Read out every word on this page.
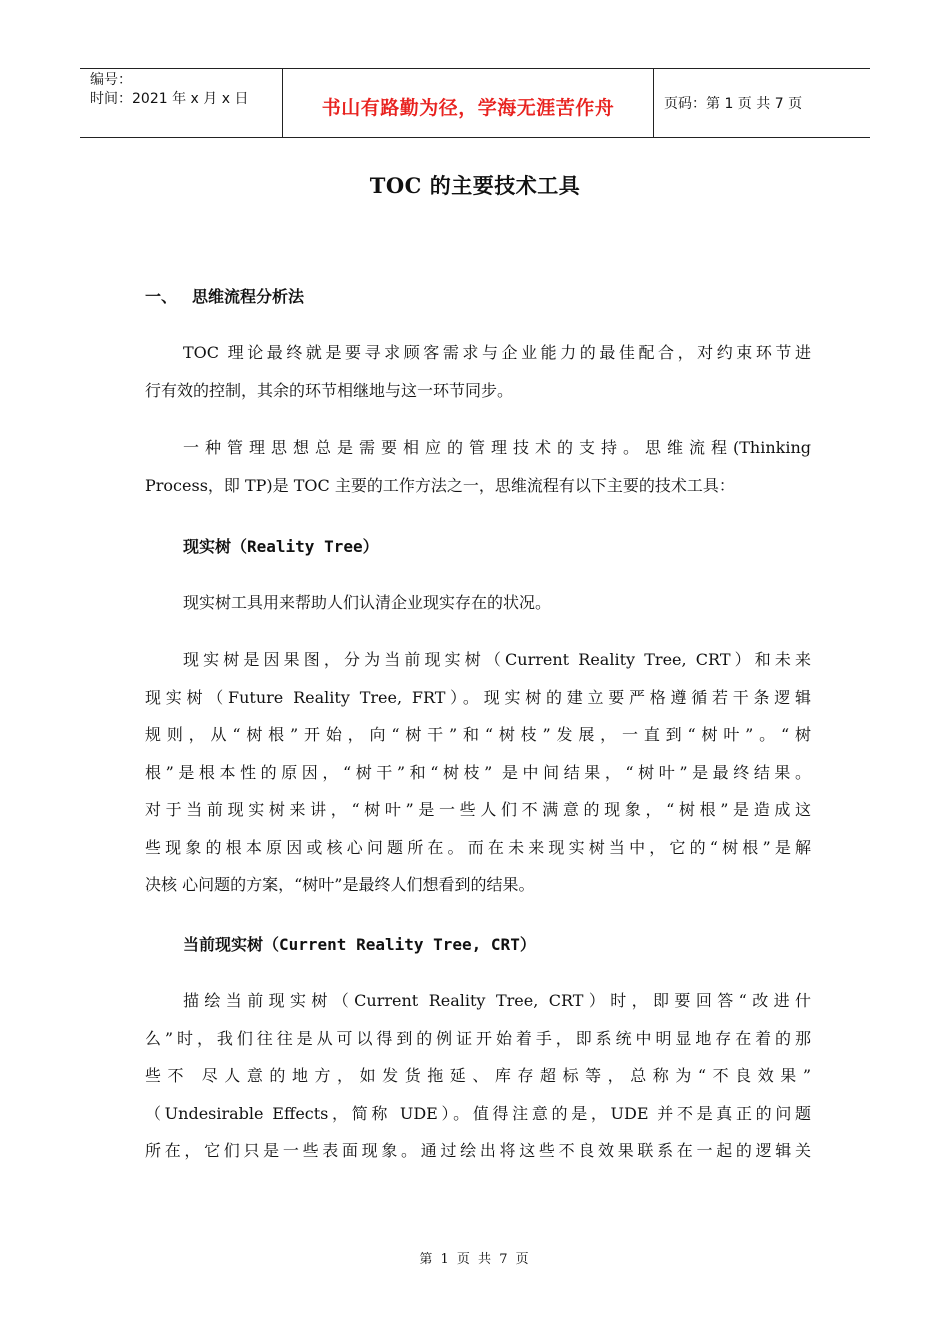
编号：
时间：2021 年 x 月 x 日	书山有路勤为径，学海无涯苦作舟	页码：第 1 页 共 7 页
TOC 的主要技术工具
一、 思维流程分析法
TOC 理论最终就是要寻求顾客需求与企业能力的最佳配合，对约束环节进
行有效的控制，其余的环节相继地与这一环节同步。
一种管理思想总是需要相应的管理技术的支持。思维流程(Thinking
Process，即 TP)是 TOC 主要的工作方法之一，思维流程有以下主要的技术工具：
现实树（Reality Tree）
现实树工具用来帮助人们认清企业现实存在的状况。
现实树是因果图，分为当前现实树（Current Reality Tree, CRT）和未来
现实树（Future Reality Tree, FRT）。现实树的建立要严格遵循若干条逻辑
规则，从“树根”开始，向“树干”和“树枝”发展，一直到“树叶”。“树
根”是根本性的原因，“树干”和“树枝” 是中间结果，“树叶”是最终结果。
对于当前现实树来讲，“树叶”是一些人们不满意的现象，“树根”是造成这
些现象的根本原因或核心问题所在。而在未来现实树当中，它的“树根”是解
决核 心问题的方案，“树叶”是最终人们想看到的结果。
当前现实树（Current Reality Tree, CRT）
描绘当前现实树（Current Reality Tree, CRT）时，即要回答“改进什
么”时，我们往往是从可以得到的例证开始着手，即系统中明显地存在着的那
些不 尽人意的地方，如发货拖延、库存超标等，总称为“不良效果”
（Undesirable Effects，简称 UDE）。值得注意的是，UDE 并不是真正的问题
所在，它们只是一些表面现象。通过绘出将这些不良效果联系在一起的逻辑关
第 1 页 共 7 页
